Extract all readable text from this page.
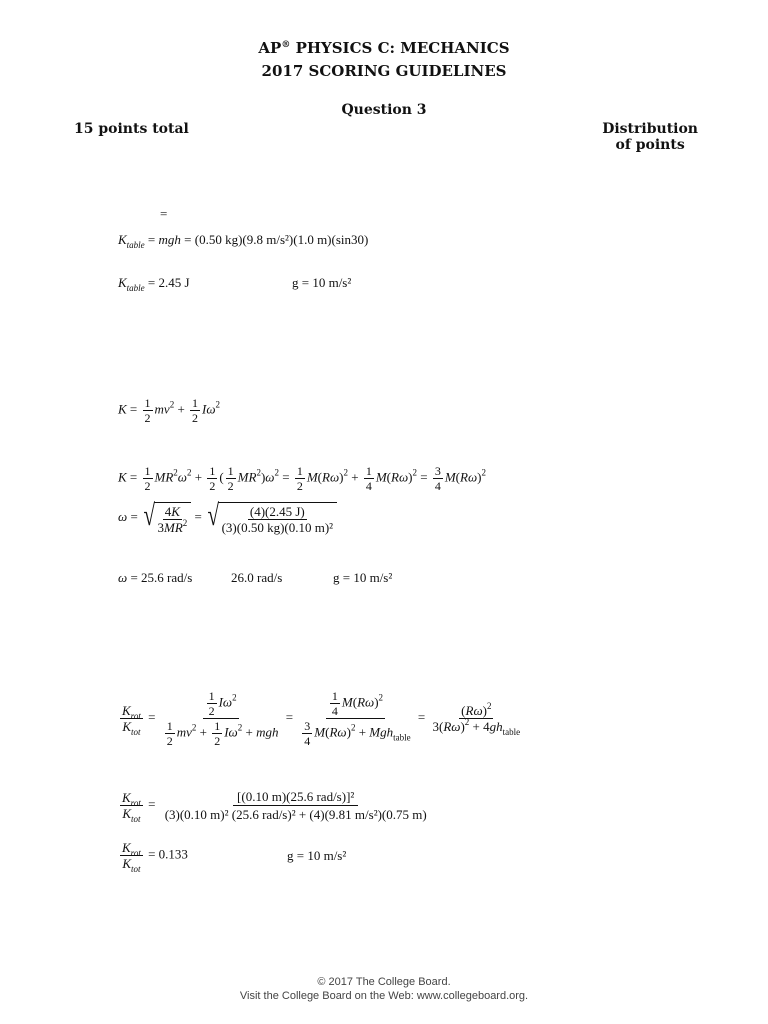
AP® PHYSICS C: MECHANICS
2017 SCORING GUIDELINES
Question 3
15 points total	Distribution
of points
=
$K_{table}$ = mgh = (0.50 kg)(9.8 m/s²)(1.0 m)(sin30)
$K_{table} = 2.45$ J	g = 10 m/s²
$K = \frac{1}{2} mv^2 + \frac{1}{2} I\omega^2$
$K = \frac{1}{2} MR^2\omega^2 + \frac{1}{2}$ ( $\frac{1}{2} MR^2)\omega^2 = \frac{1}{2} M(R\omega)^2 + \frac{1}{4} M(R\omega)^2 = \frac{3}{4} M(R\omega)^2$
ω = √ $\frac{4K}{3MR^2}$ = √ $\frac{(4)(2.45 J)}{\text{(3)(0.50 kg)(0.10 m)²}}$
ω = 25.6 rad/s	26.0 rad/s	g = 10 m/s²
$\frac{K_{rot}}{K_{tot}} = \frac{\frac{1}{2} I\omega^2}{\frac{1}{2} mv^2 + \frac{1}{2} I\omega^2 + mgh} = \frac{\frac{1}{4} M(R\omega)^2}{\frac{3}{4} M(R\omega)^2 + Mgh_{table}} = \frac{(R\omega)^2}{3(R\omega)^2 + 4gh_{table}}$
$\frac{K_{rot}}{K_{tot}} = \frac{\text{[(0.10 m)(25.6 rad/s)]²}}{\text{(3)(0.10 m)² (25.6 rad/s)² + (4)(9.81 m/s²)(0.75 m)}}$
$\frac{K_{rot}}{K_{tot}} = 0.133$	g = 10 m/s²
© 2017 The College Board.
Visit the College Board on the Web: www.collegeboard.org.
